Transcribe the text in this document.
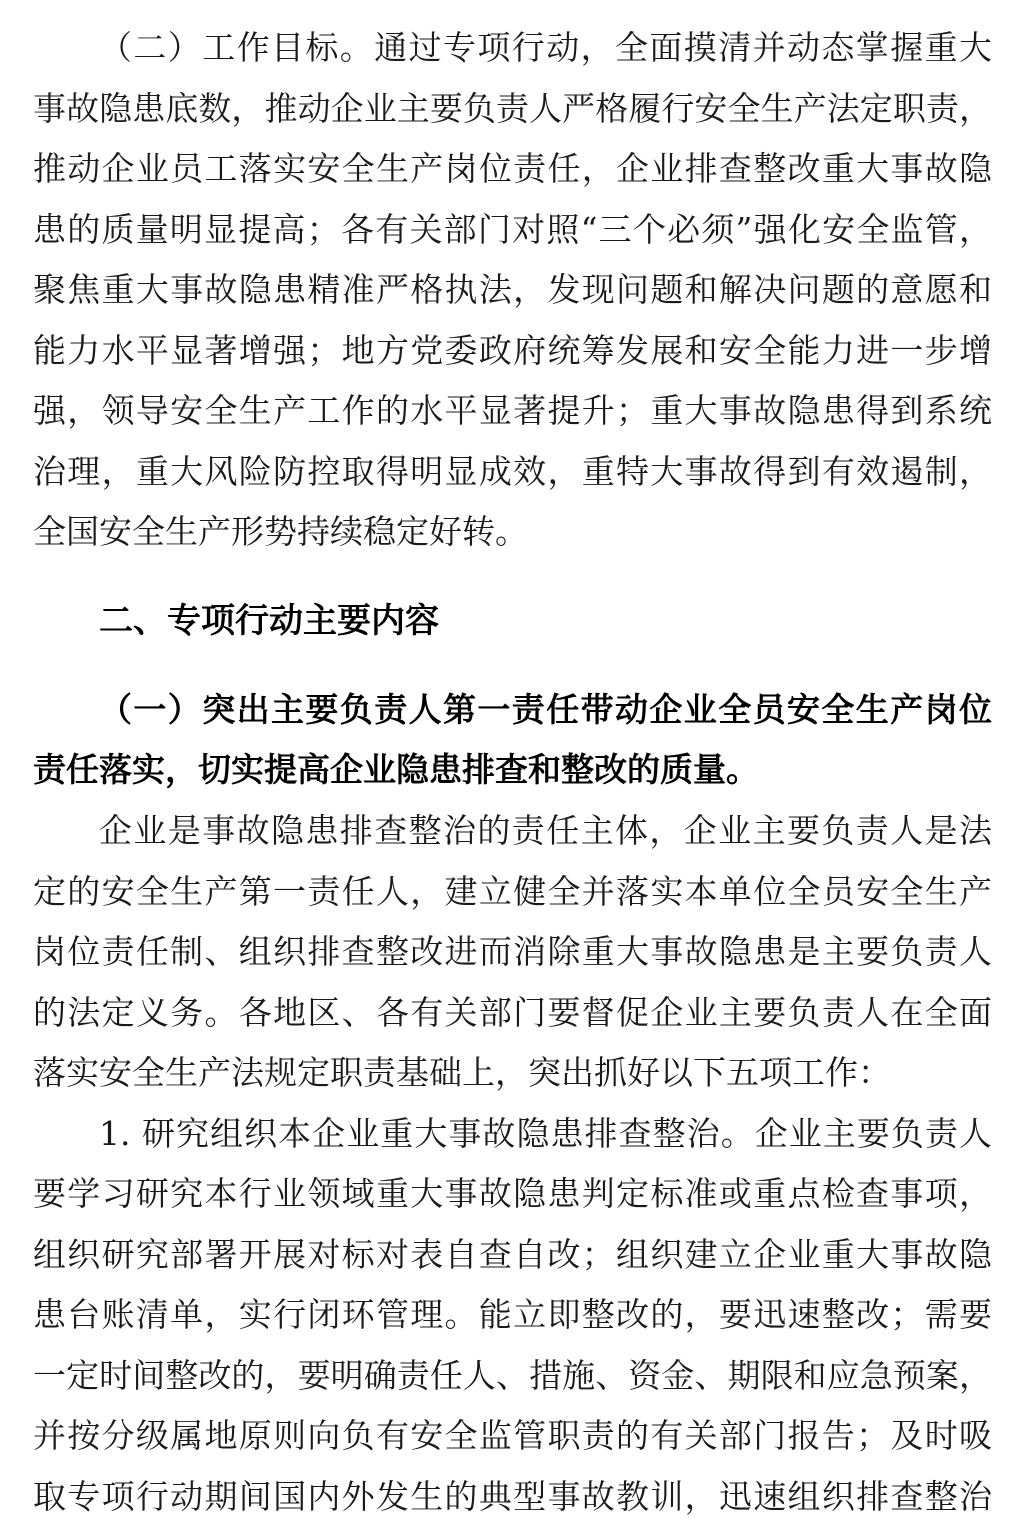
（二）工作目标。通过专项行动，全面摸清并动态掌握重大
事故隐患底数，推动企业主要负责人严格履行安全生产法定职责，
推动企业员工落实安全生产岗位责任，企业排查整改重大事故隐
患的质量明显提高；各有关部门对照“三个必须”强化安全监管，
聚焦重大事故隐患精准严格执法，发现问题和解决问题的意愿和
能力水平显著增强；地方党委政府统筹发展和安全能力进一步增
强，领导安全生产工作的水平显著提升；重大事故隐患得到系统
治理，重大风险防控取得明显成效，重特大事故得到有效遏制，
全国安全生产形势持续稳定好转。
二、专项行动主要内容
（一）突出主要负责人第一责任带动企业全员安全生产岗位
责任落实，切实提高企业隐患排查和整改的质量。
企业是事故隐患排查整治的责任主体，企业主要负责人是法
定的安全生产第一责任人，建立健全并落实本单位全员安全生产
岗位责任制、组织排查整改进而消除重大事故隐患是主要负责人
的法定义务。各地区、各有关部门要督促企业主要负责人在全面
落实安全生产法规定职责基础上，突出抓好以下五项工作：
1. 研究组织本企业重大事故隐患排查整治。企业主要负责人
要学习研究本行业领域重大事故隐患判定标准或重点检查事项，
组织研究部署开展对标对表自查自改；组织建立企业重大事故隐
患台账清单，实行闭环管理。能立即整改的，要迅速整改；需要
一定时间整改的，要明确责任人、措施、资金、期限和应急预案，
并按分级属地原则向负有安全监管职责的有关部门报告；及时吸
取专项行动期间国内外发生的典型事故教训，迅速组织排查整治
